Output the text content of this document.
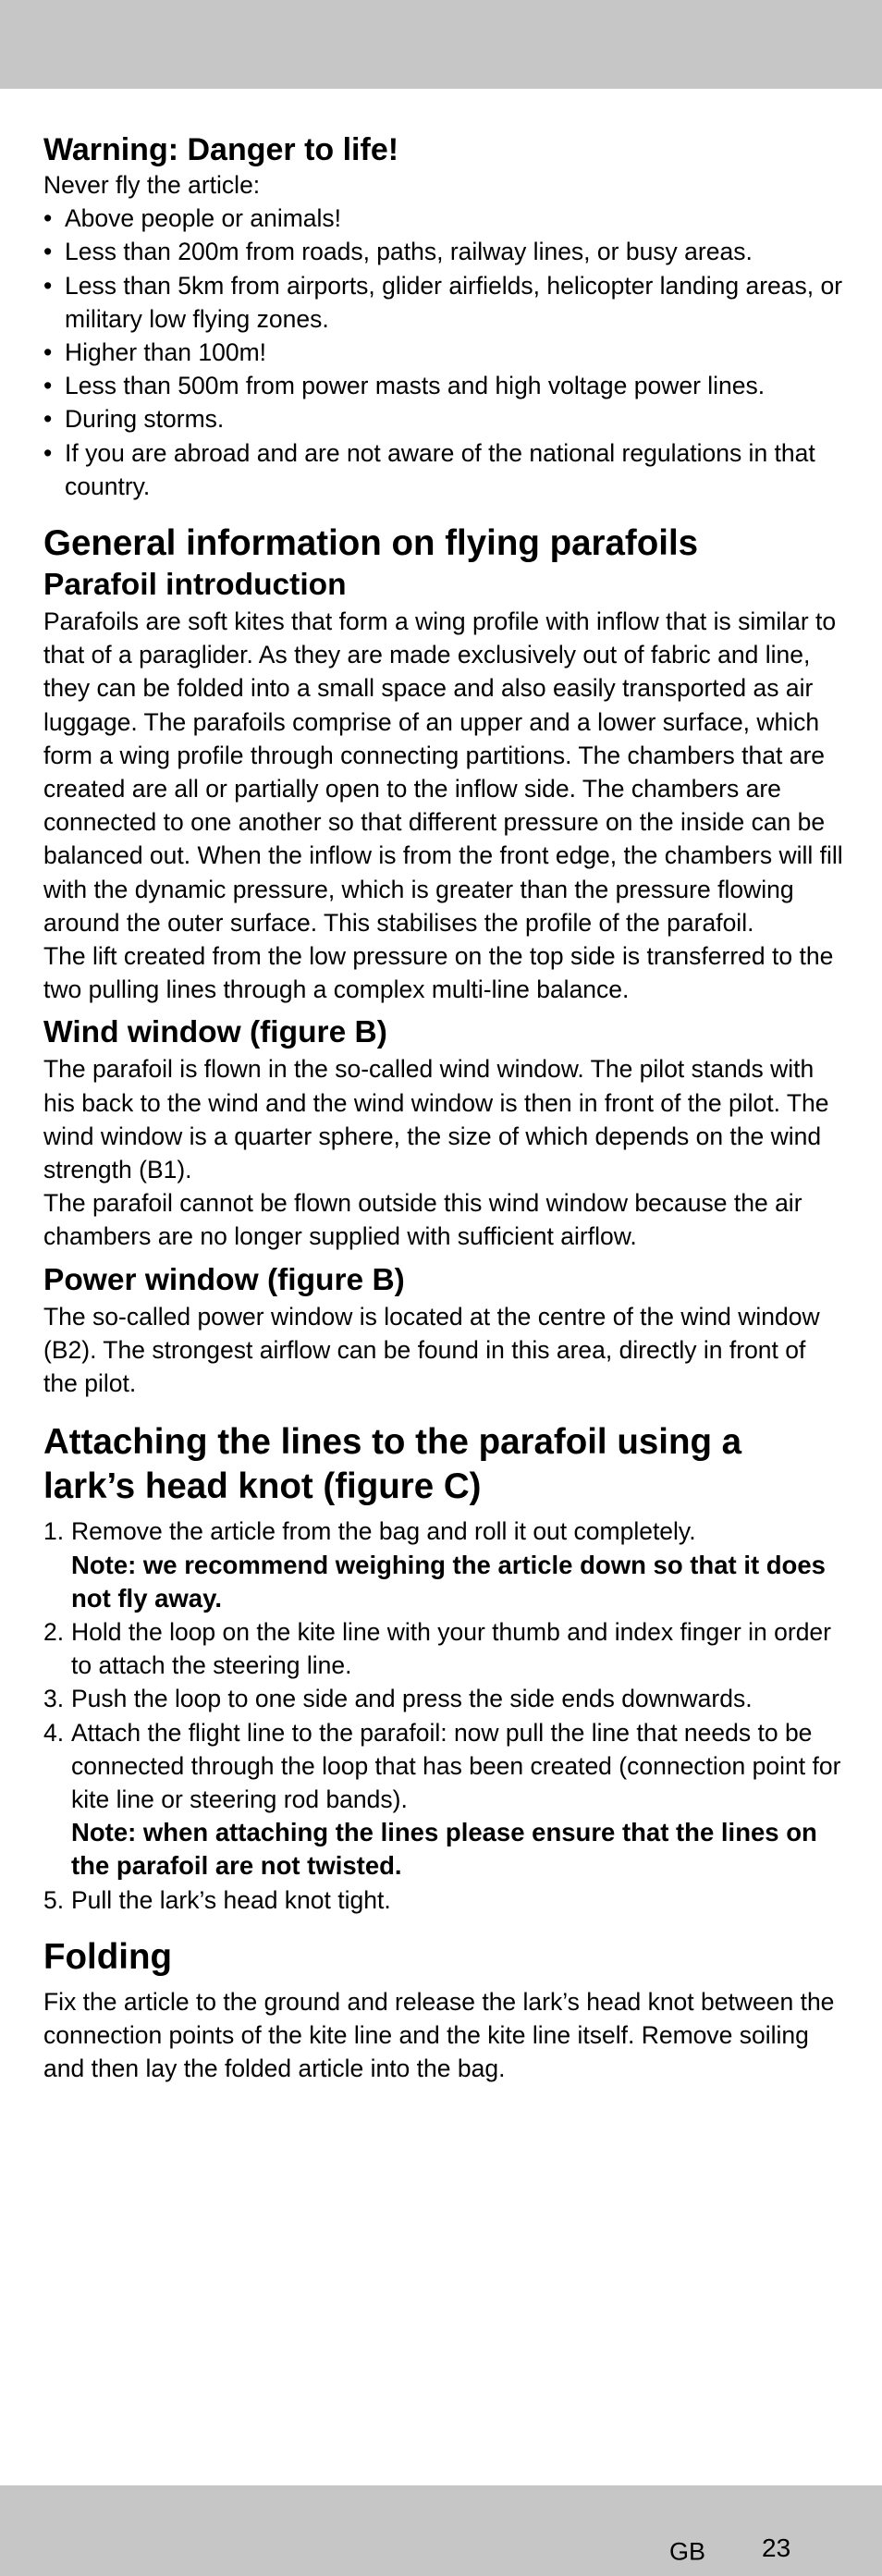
Warning: Danger to life!

Never fly the article:

• Above people or animals!
• Less than 200m from roads, paths, railway lines, or busy areas.
• Less than 5km from airports, glider airfields, helicopter landing areas, or military low flying zones.
• Higher than 100m!
• Less than 500m from power masts and high voltage power lines.
• During storms.
• If you are abroad and are not aware of the national regulations in that country.
General information on flying parafoils
Parafoil introduction

Parafoils are soft kites that form a wing profile with inflow that is similar to that of a paraglider. As they are made exclusively out of fabric and line, they can be folded into a small space and also easily transported as air luggage. The parafoils comprise of an upper and a lower surface, which form a wing profile through connecting partitions. The chambers that are created are all or partially open to the inflow side. The chambers are connected to one another so that different pressure on the inside can be balanced out. When the inflow is from the front edge, the chambers will fill with the dynamic pressure, which is greater than the pressure flowing around the outer surface. This stabilises the profile of the parafoil.

The lift created from the low pressure on the top side is transferred to the two pulling lines through a complex multi-line balance.

Wind window (figure B)

The parafoil is flown in the so-called wind window. The pilot stands with his back to the wind and the wind window is then in front of the pilot. The wind window is a quarter sphere, the size of which depends on the wind strength (B1).

The parafoil cannot be flown outside this wind window because the air chambers are no longer supplied with sufficient airflow.

Power window (figure B)

The so-called power window is located at the centre of the wind window (B2). The strongest airflow can be found in this area, directly in front of the pilot.

Attaching the lines to the parafoil using a
lark’s head knot (figure C)
1. Remove the article from the bag and roll it out completely.
Note: we recommend weighing the article down so that it does not fly away.
2. Hold the loop on the kite line with your thumb and index finger in order to attach the steering line.
3. Push the loop to one side and press the side ends downwards.
4. Attach the flight line to the parafoil: now pull the line that needs to be connected through the loop that has been created (connection point for kite line or steering rod bands).
Note: when attaching the lines please ensure that the lines on the parafoil are not twisted.
5. Pull the lark’s head knot tight.
Folding

Fix the article to the ground and release the lark’s head knot between the connection points of the kite line and the kite line itself. Remove soiling and then lay the folded article into the bag.

GB 23
